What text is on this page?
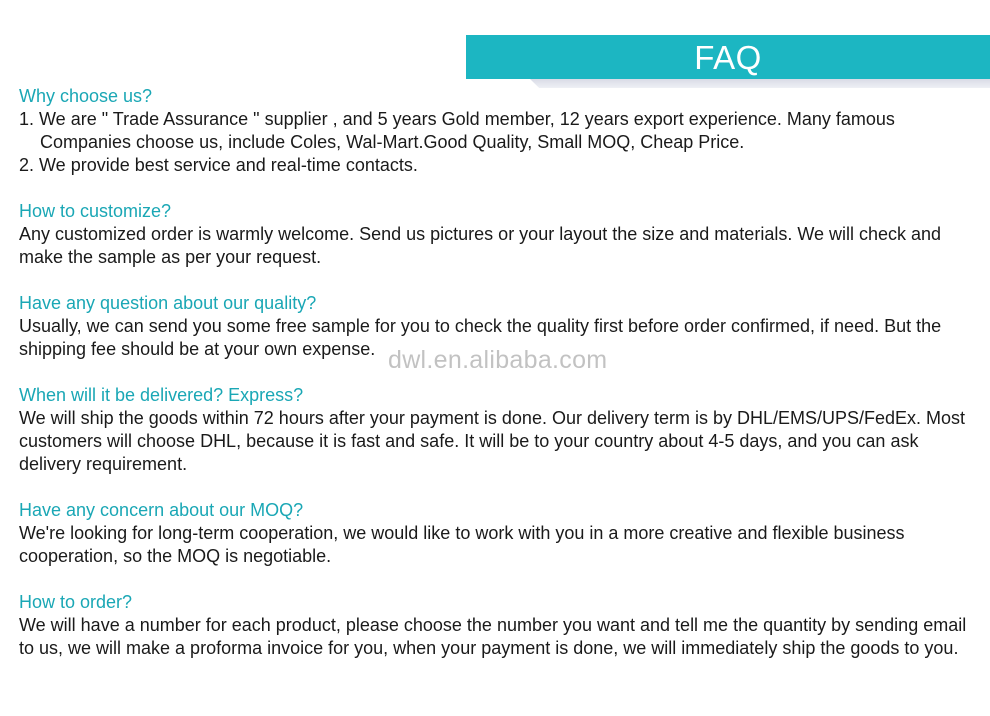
FAQ

Why choose us?

1. We are " Trade Assurance " supplier , and 5 years Gold member, 12 years export experience. Many famous Companies choose us, include Coles, Wal-Mart.Good Quality, Small MOQ, Cheap Price.

2. We provide best service and real-time contacts.

How to customize?

Any customized order is warmly welcome. Send us pictures or your layout the size and materials. We will check and make the sample as per your request.

Have any question about our quality?

Usually, we can send you some free sample for you to check the quality first before order confirmed, if need. But the shipping fee should be at your own expense.

When will it be delivered? Express?

We will ship the goods within 72 hours after your payment is done. Our delivery term is by DHL/EMS/UPS/FedEx. Most customers will choose DHL, because it is fast and safe. It will be to your country about 4-5 days, and you can ask delivery requirement.

Have any concern about our MOQ?

We're looking for long-term cooperation, we would like to work with you in a more creative and flexible business cooperation, so the MOQ is negotiable.

How to order?

We will have a number for each product, please choose the number you want and tell me the quantity by sending email to us, we will make a proforma invoice for you, when your payment is done, we will immediately ship the goods to you.

dwl.en.alibaba.com
